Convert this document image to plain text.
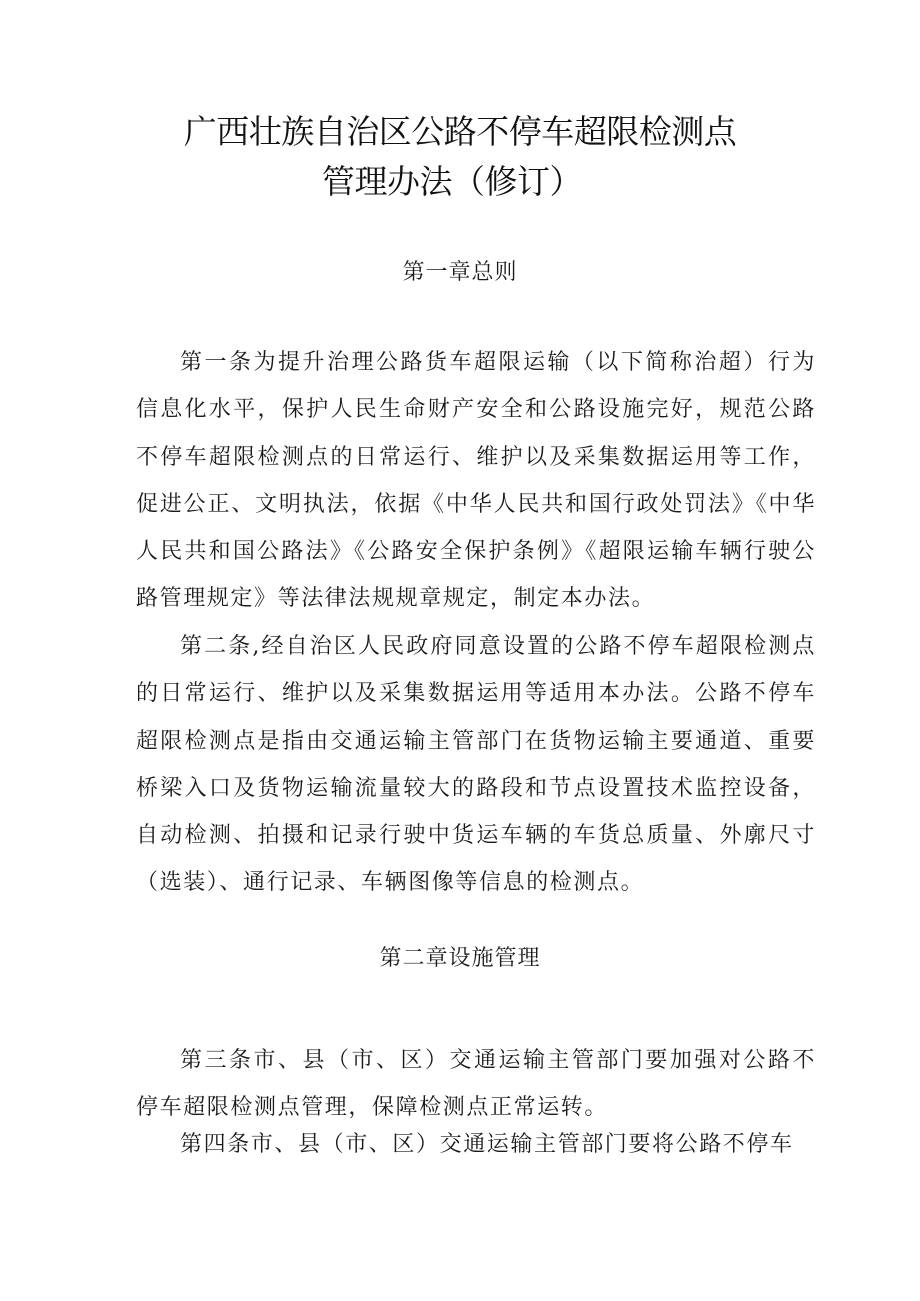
广西壮族自治区公路不停车超限检测点
管理办法（修订）
第一章总则

第一条为提升治理公路货车超限运输（以下简称治超）行为信息化水平，保护人民生命财产安全和公路设施完好，规范公路不停车超限检测点的日常运行、维护以及采集数据运用等工作，促进公正、文明执法，依据《中华人民共和国行政处罚法》《中华人民共和国公路法》《公路安全保护条例》《超限运输车辆行驶公路管理规定》等法律法规规章规定，制定本办法。

第二条,经自治区人民政府同意设置的公路不停车超限检测点的日常运行、维护以及采集数据运用等适用本办法。公路不停车超限检测点是指由交通运输主管部门在货物运输主要通道、重要桥梁入口及货物运输流量较大的路段和节点设置技术监控设备，自动检测、拍摄和记录行驶中货运车辆的车货总质量、外廓尺寸（选装）、通行记录、车辆图像等信息的检测点。

第二章设施管理

第三条市、县（市、区）交通运输主管部门要加强对公路不停车超限检测点管理，保障检测点正常运转。

第四条市、县（市、区）交通运输主管部门要将公路不停车
